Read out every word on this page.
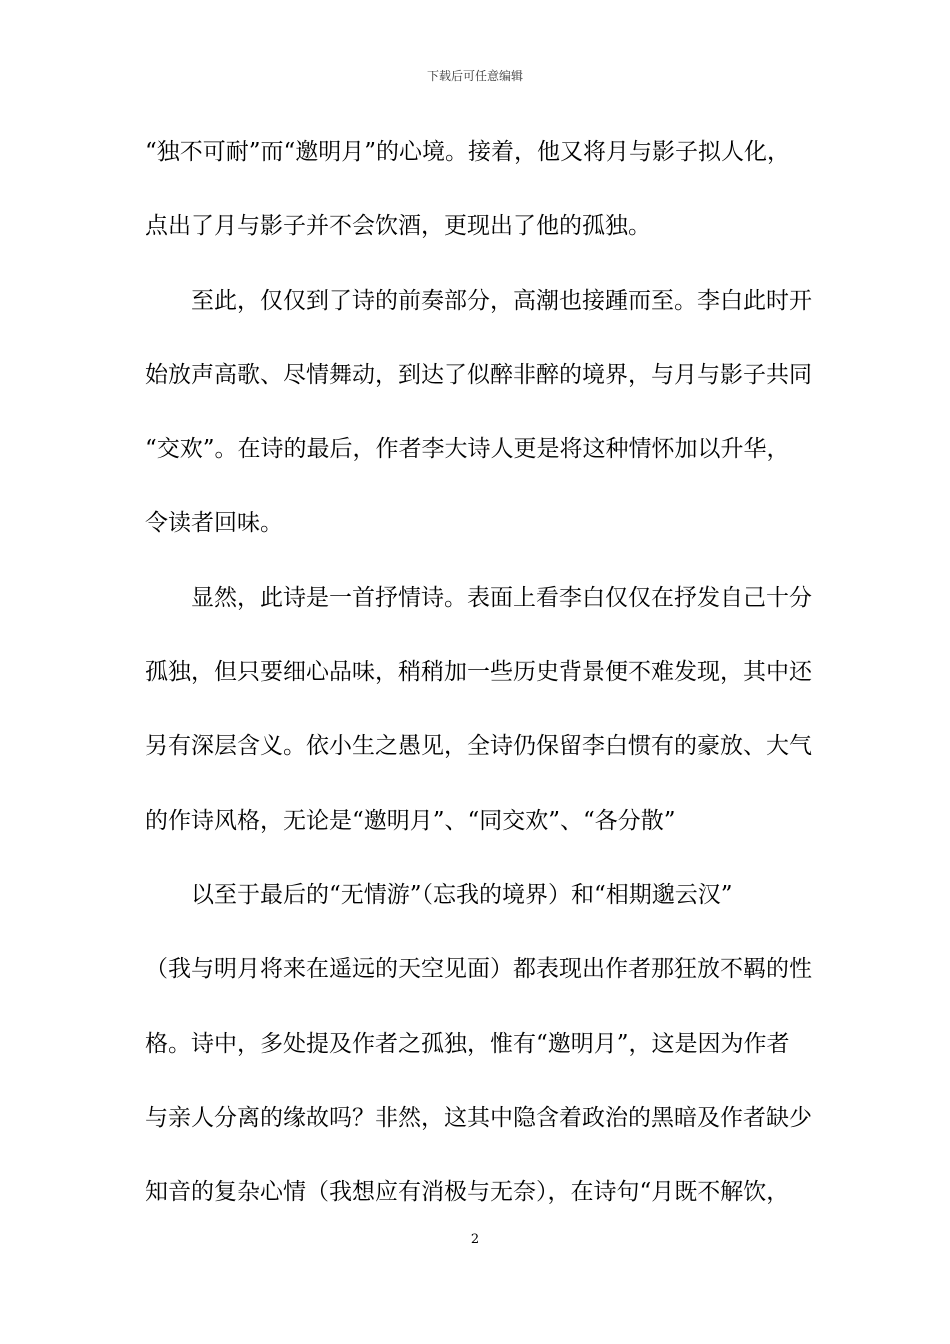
下载后可任意编辑
“独不可耐”而“邀明月”的心境。接着，他又将月与影子拟人化，
点出了月与影子并不会饮酒，更现出了他的孤独。
至此，仅仅到了诗的前奏部分，高潮也接踵而至。李白此时开
始放声高歌、尽情舞动，到达了似醉非醉的境界，与月与影子共同
“交欢”。在诗的最后，作者李大诗人更是将这种情怀加以升华，
令读者回味。
显然，此诗是一首抒情诗。表面上看李白仅仅在抒发自己十分
孤独，但只要细心品味，稍稍加一些历史背景便不难发现，其中还
另有深层含义。依小生之愚见，全诗仍保留李白惯有的豪放、大气
的作诗风格，无论是“邀明月”、“同交欢”、“各分散”
以至于最后的“无情游”（忘我的境界）和“相期邈云汉”
（我与明月将来在遥远的天空见面）都表现出作者那狂放不羁的性
格。诗中，多处提及作者之孤独，惟有“邀明月”，这是因为作者
与亲人分离的缘故吗？非然，这其中隐含着政治的黑暗及作者缺少
知音的复杂心情（我想应有消极与无奈），在诗句“月既不解饮，
2
